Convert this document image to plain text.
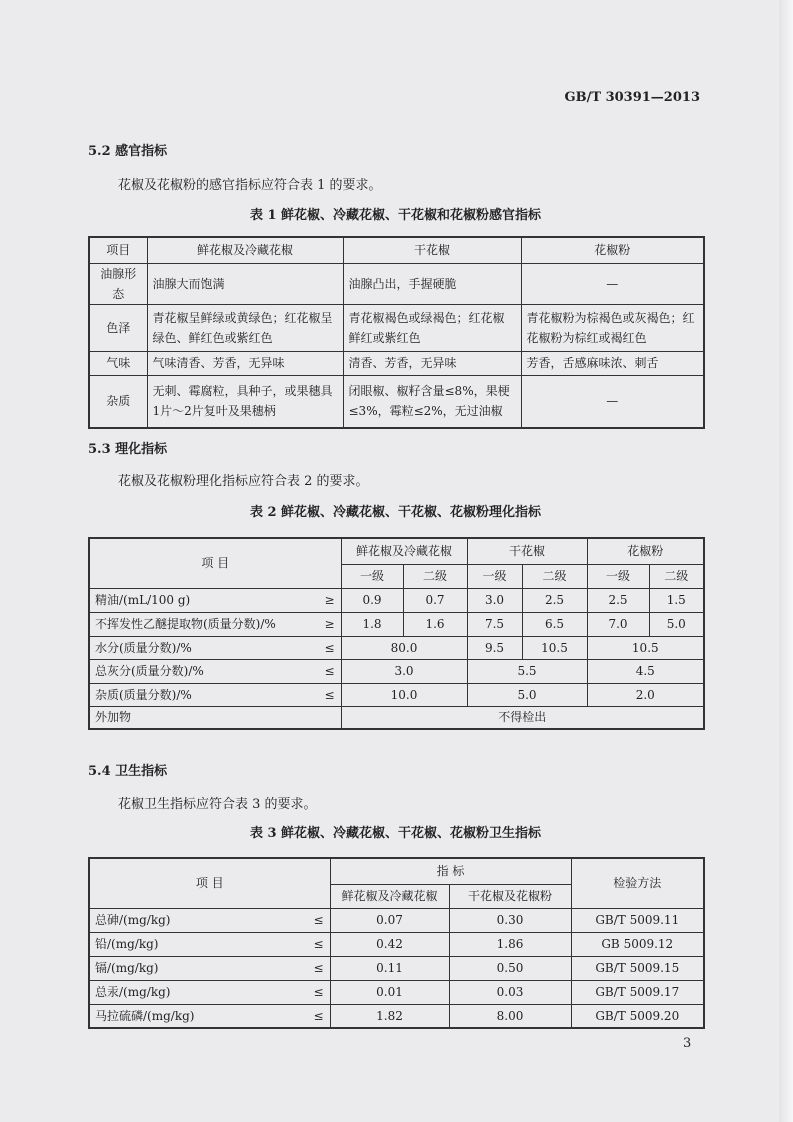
GB/T 30391—2013
5.2 感官指标
花椒及花椒粉的感官指标应符合表 1 的要求。
表 1 鲜花椒、冷藏花椒、干花椒和花椒粉感官指标
项目	鲜花椒及冷藏花椒	干花椒	花椒粉
油腺形态	油腺大而饱满	油腺凸出，手握硬脆	—
色泽	青花椒呈鲜绿或黄绿色；红花椒呈绿色、鲜红色或紫红色	青花椒褐色或绿褐色；红花椒鲜红或紫红色	青花椒粉为棕褐色或灰褐色；红花椒粉为棕红或褐红色
气味	气味清香、芳香，无异味	清香、芳香，无异味	芳香，舌感麻味浓、刺舌
杂质	无刺、霉腐粒，具种子，或果穗具1片～2片复叶及果穗柄	闭眼椒、椒籽含量≤8%，果梗≤3%，霉粒≤2%，无过油椒	—
5.3 理化指标
花椒及花椒粉理化指标应符合表 2 的要求。
表 2 鲜花椒、冷藏花椒、干花椒、花椒粉理化指标
项 目	鲜花椒及冷藏花椒		干花椒		花椒粉	
	一级	二级	一级	二级	一级	二级
精油/(mL/100 g) ≥	0.9	0.7	3.0	2.5	2.5	1.5
不挥发性乙醚提取物(质量分数)/% ≥	1.8	1.6	7.5	6.5	7.0	5.0
水分(质量分数)/% ≤	80.0		9.5	10.5	10.5	
总灰分(质量分数)/% ≤	3.0		5.5		4.5	
杂质(质量分数)/% ≤	10.0		5.0		2.0	
外加物	不得检出					
5.4 卫生指标
花椒卫生指标应符合表 3 的要求。
表 3 鲜花椒、冷藏花椒、干花椒、花椒粉卫生指标
项 目	指 标		检验方法
	鲜花椒及冷藏花椒	干花椒及花椒粉	
总砷/(mg/kg) ≤	0.07	0.30	GB/T 5009.11
铅/(mg/kg) ≤	0.42	1.86	GB 5009.12
镉/(mg/kg) ≤	0.11	0.50	GB/T 5009.15
总汞/(mg/kg) ≤	0.01	0.03	GB/T 5009.17
马拉硫磷/(mg/kg) ≤	1.82	8.00	GB/T 5009.20
3
